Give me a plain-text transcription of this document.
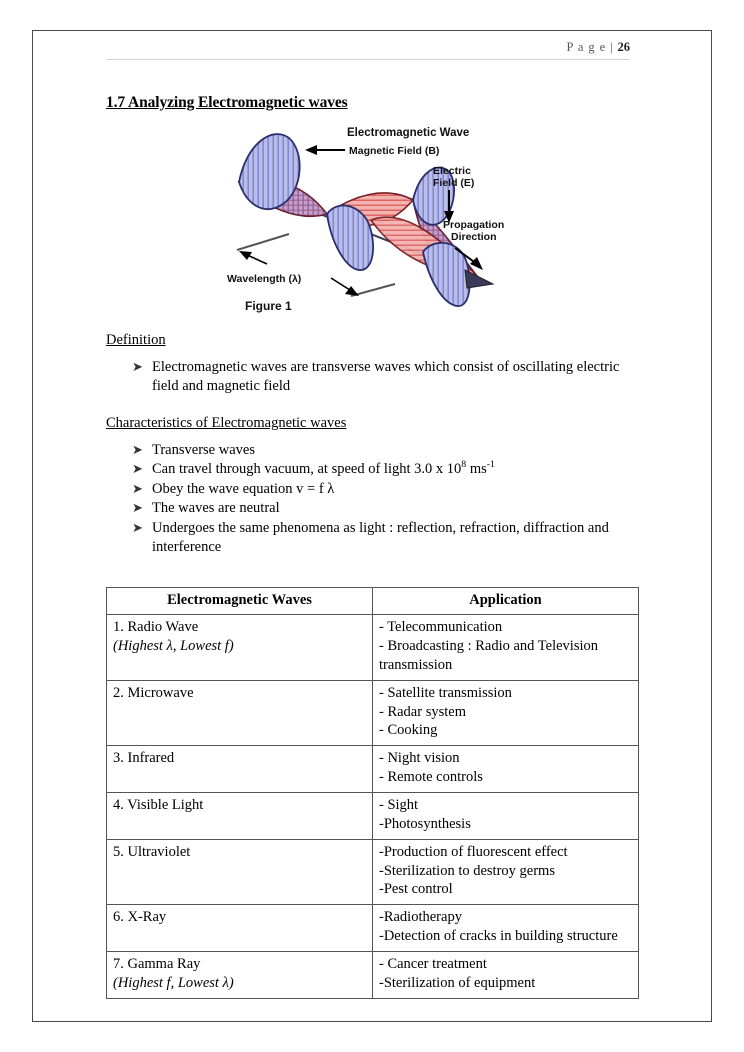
P a g e | 26
1.7 Analyzing Electromagnetic waves
Electromagnetic Wave
Magnetic Field (B)
Electric
Field (E)
Wavelength (λ)
Propagation
Direction
Figure 1
Definition
➤ Electromagnetic waves are transverse waves which consist of oscillating electric field and magnetic field
Characteristics of Electromagnetic waves
➤ Transverse waves
➤ Can travel through vacuum, at speed of light 3.0 x $10^8$ $ms^{-1}$
➤ Obey the wave equation v = f λ
➤ The waves are neutral
➤ Undergoes the same phenomena as light : reflection, refraction, diffraction and interference
Electromagnetic Waves	Application
1. Radio Wave
(Highest λ, Lowest f)	- Telecommunication
- Broadcasting : Radio and Television transmission

2. Microwave	- Satellite transmission
- Radar system
- Cooking

3. Infrared	- Night vision
- Remote controls

4. Visible Light	- Sight
-Photosynthesis

5. Ultraviolet	-Production of fluorescent effect
-Sterilization to destroy germs
-Pest control

6. X-Ray	-Radiotherapy
-Detection of cracks in building structure

7. Gamma Ray
(Highest f, Lowest λ)	- Cancer treatment
-Sterilization of equipment
